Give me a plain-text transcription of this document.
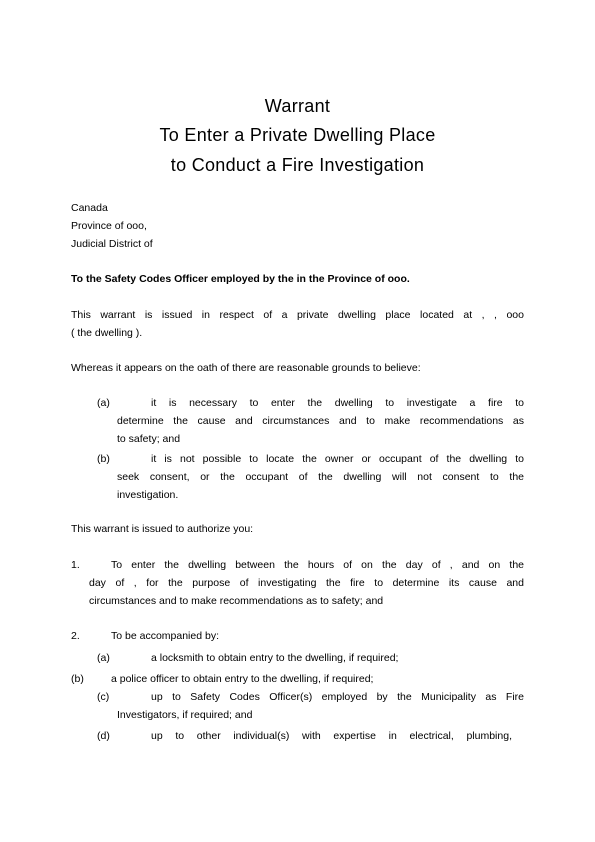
Warrant
To Enter a Private Dwelling Place
to Conduct a Fire Investigation
Canada
Province of ooo,
Judicial District of
To the Safety Codes Officer employed by the in the Province of ooo.
This warrant is issued in respect of a private dwelling place located at , , ooo
( the dwelling ).
Whereas it appears on the oath of there are reasonable grounds to believe:
(a)	it is necessary to enter the dwelling to investigate a fire to
determine the cause and circumstances and to make recommendations as
to safety; and
(b)	it is not possible to locate the owner or occupant of the dwelling to
seek consent, or the occupant of the dwelling will not consent to the
investigation.
This warrant is issued to authorize you:
1.	To enter the dwelling between the hours of on the day of , and on the
day of , for the purpose of investigating the fire to determine its cause and
circumstances and to make recommendations as to safety; and
2.	To be accompanied by:
(a)	a locksmith to obtain entry to the dwelling, if required;
(b)	a police officer to obtain entry to the dwelling, if required;
(c)	up to Safety Codes Officer(s) employed by the Municipality as Fire
Investigators, if required; and
(d)	up to other individual(s) with expertise in electrical, plumbing,
